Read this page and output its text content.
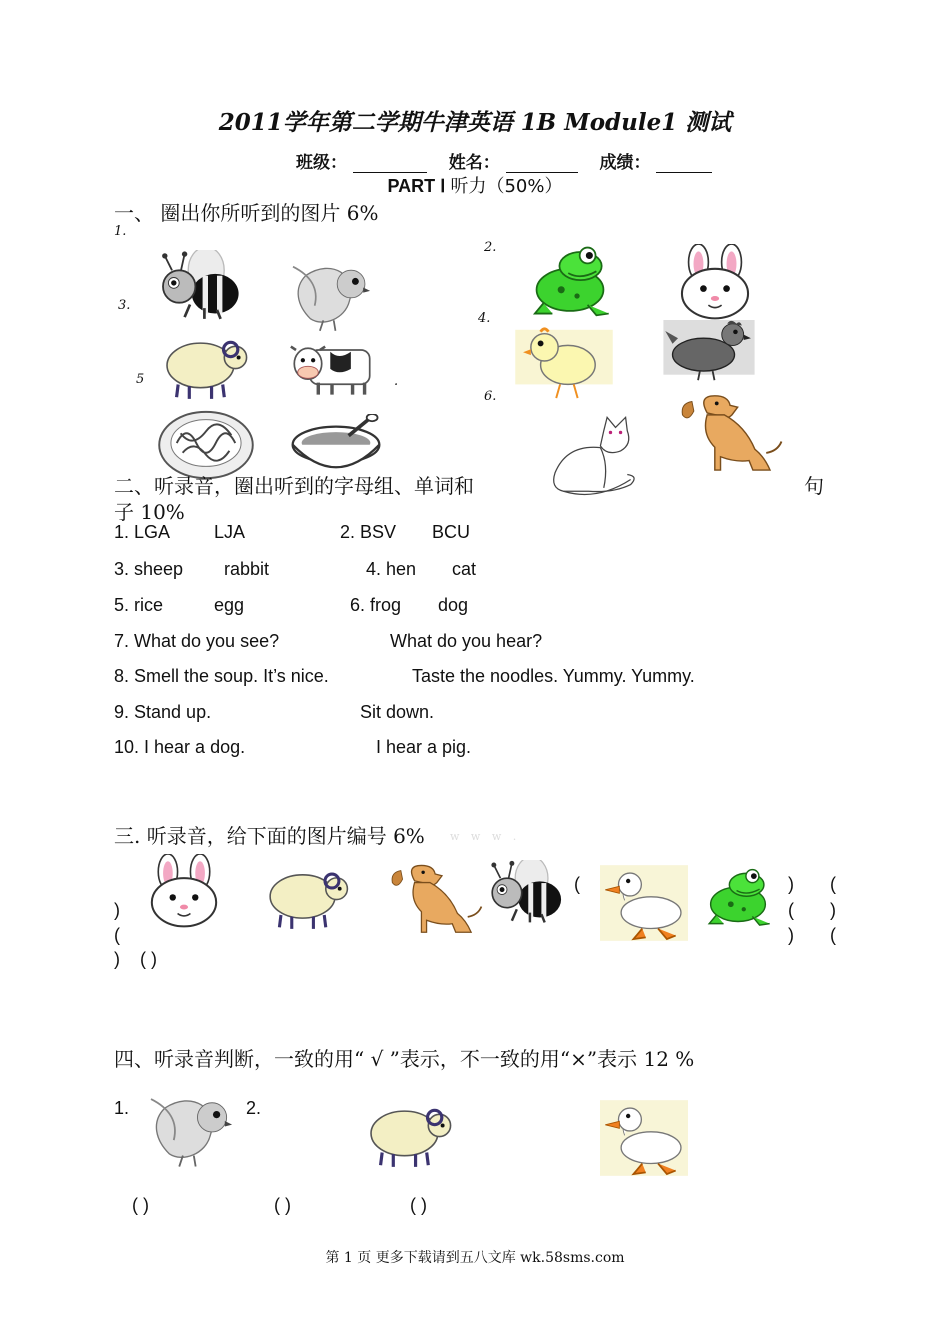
2011学年第二学期牛津英语 1B Module1 测试
班级：	姓名：	成绩：
PART Ⅰ 听力（50%）
一、 圈出你所听到的图片 6%
1.
2.
3.
4.
5
6.
.
二、听录音，圈出听到的字母组、单词和	句
子 10%
1. LGA LJA	2. BSV BCU
3. sheep rabbit	4. hen cat
5. rice	egg	6. frog dog
7. What do you see?	What do you hear?
8. Smell the soup. It’s nice.	Taste the noodles. Yummy. Yummy.
9. Stand up.	Sit down.
10. I hear a dog.	I hear a pig.
三. 听录音，给下面的图片编号 6% w w w .
(	) (
)	( )
(	) (
) ( )
四、听录音判断，一致的用“ √ ”表示，不一致的用“×”表示 12 %
1.	2.
( )	( )	( )
第 1 页 更多下载请到五八文库 wk.58sms.com
